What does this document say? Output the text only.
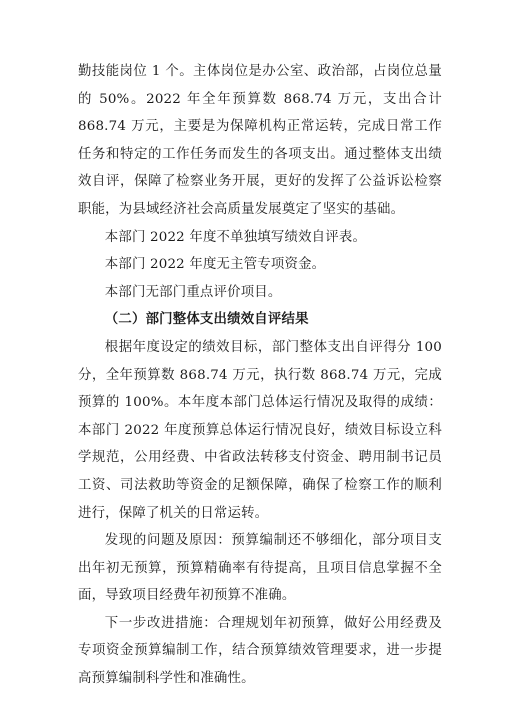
勤技能岗位 1 个。主体岗位是办公室、政治部，占岗位总量的 50%。2022 年全年预算数 868.74 万元，支出合计 868.74 万元，主要是为保障机构正常运转，完成日常工作任务和特定的工作任务而发生的各项支出。通过整体支出绩效自评，保障了检察业务开展，更好的发挥了公益诉讼检察职能，为县域经济社会高质量发展奠定了坚实的基础。

本部门 2022 年度不单独填写绩效自评表。

本部门 2022 年度无主管专项资金。

本部门无部门重点评价项目。

（二）部门整体支出绩效自评结果

根据年度设定的绩效目标，部门整体支出自评得分 100 分，全年预算数 868.74 万元，执行数 868.74 万元，完成预算的 100%。本年度本部门总体运行情况及取得的成绩：本部门 2022 年度预算总体运行情况良好，绩效目标设立科学规范，公用经费、中省政法转移支付资金、聘用制书记员工资、司法救助等资金的足额保障，确保了检察工作的顺利进行，保障了机关的日常运转。

发现的问题及原因：预算编制还不够细化，部分项目支出年初无预算，预算精确率有待提高，且项目信息掌握不全面，导致项目经费年初预算不准确。

下一步改进措施：合理规划年初预算，做好公用经费及专项资金预算编制工作，结合预算绩效管理要求，进一步提高预算编制科学性和准确性。
